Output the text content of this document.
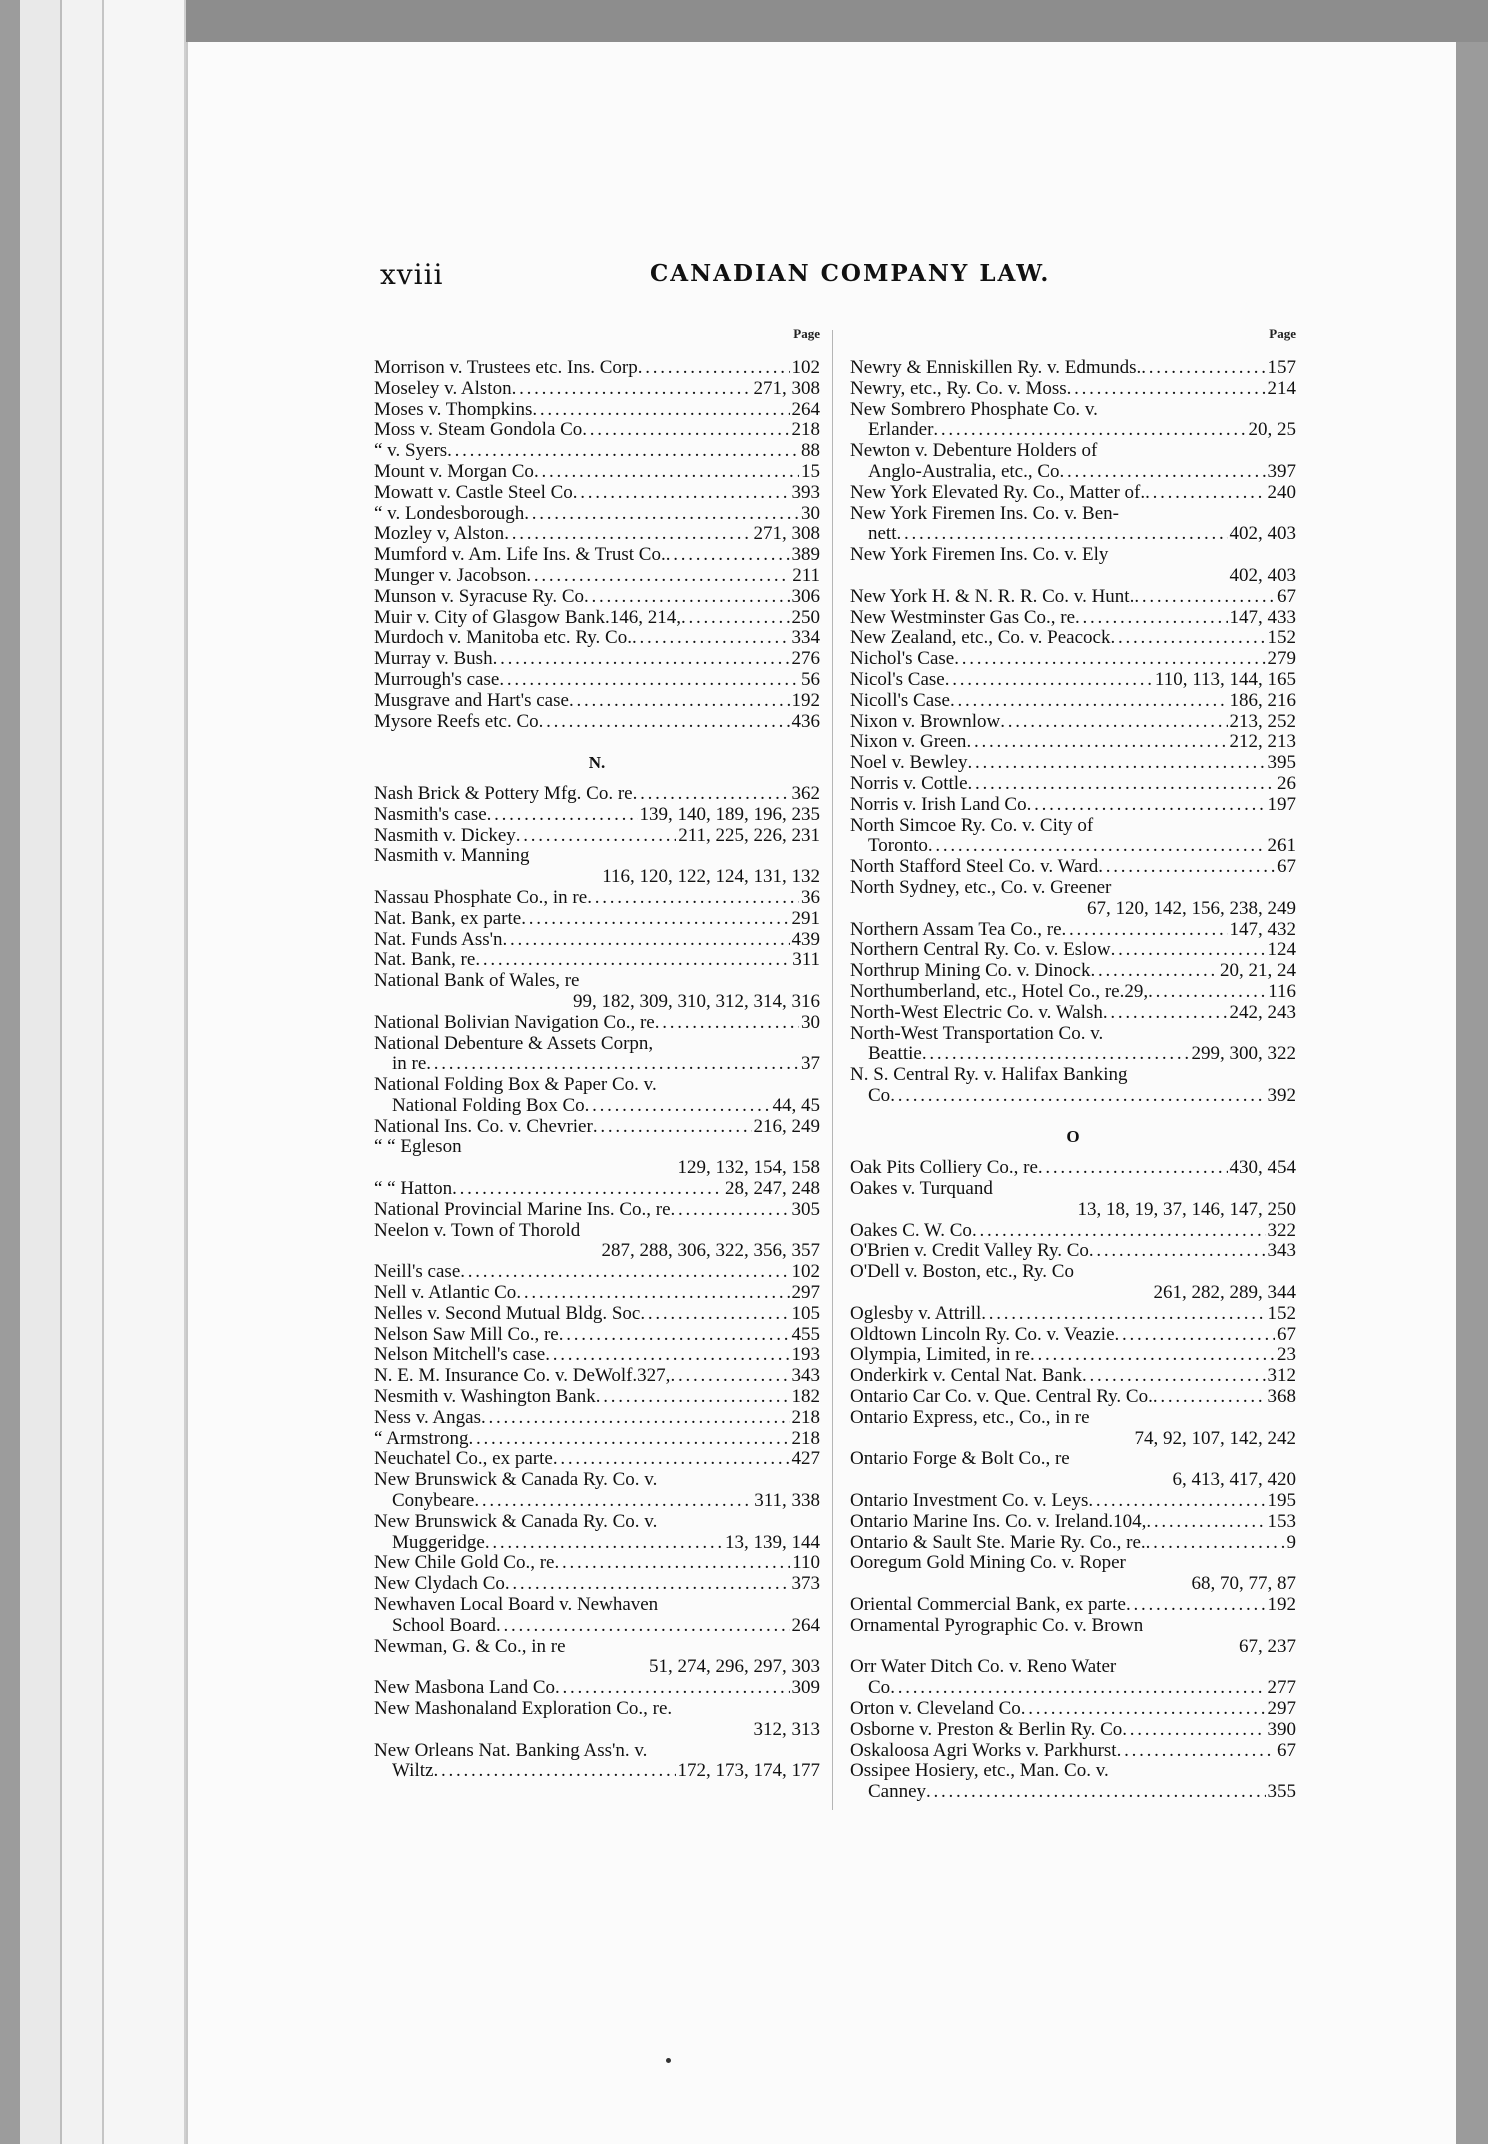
xviii	CANADIAN COMPANY LAW.
Page
Morrison v. Trustees etc. Ins. Corp . . .	102
Moseley v. Alston . . .	271, 308
Moses v. Thompkins . . .	264
Moss v. Steam Gondola Co . . .	218
“ v. Syers . . .	88
Mount v. Morgan Co . . .	15
Mowatt v. Castle Steel Co . . .	393
“ v. Londesborough . . .	30
Mozley v, Alston . . .	271, 308
Mumford v. Am. Life Ins. & Trust Co. . . .	389
Munger v. Jacobson . . .	211
Munson v. Syracuse Ry. Co . . .	306
Muir v. City of Glasgow Bank.146, 214, . . .	250
Murdoch v. Manitoba etc. Ry. Co. . . .	334
Murray v. Bush . . .	276
Murrough's case . . .	56
Musgrave and Hart's case . . .	192
Mysore Reefs etc. Co . . .	436
N.
Nash Brick & Pottery Mfg. Co. re . . .	362
Nasmith's case . . .	139, 140, 189, 196, 235
Nasmith v. Dickey . . .	211, 225, 226, 231
Nasmith v. Manning
116, 120, 122, 124, 131, 132
Nassau Phosphate Co., in re . . .	36
Nat. Bank, ex parte . . .	291
Nat. Funds Ass'n . . .	439
Nat. Bank, re . . .	311
National Bank of Wales, re
99, 182, 309, 310, 312, 314, 316
National Bolivian Navigation Co., re . . .	30
National Debenture & Assets Corpn,
in re . . .	37
National Folding Box & Paper Co. v.
National Folding Box Co . . .	44, 45
National Ins. Co. v. Chevrier . . .	216, 249
“ “ Egleson
129, 132, 154, 158
“ “ Hatton . . .	28, 247, 248
National Provincial Marine Ins. Co., re . . .	305
Neelon v. Town of Thorold
287, 288, 306, 322, 356, 357
Neill's case . . .	102
Nell v. Atlantic Co . . .	297
Nelles v. Second Mutual Bldg. Soc . . .	105
Nelson Saw Mill Co., re . . .	455
Nelson Mitchell's case . . .	193
N. E. M. Insurance Co. v. DeWolf.327, . . .	343
Nesmith v. Washington Bank . . .	182
Ness v. Angas . . .	218
“ Armstrong . . .	218
Neuchatel Co., ex parte . . .	427
New Brunswick & Canada Ry. Co. v.
Conybeare . . .	311, 338
New Brunswick & Canada Ry. Co. v.
Muggeridge . . .	13, 139, 144
New Chile Gold Co., re . . .	110
New Clydach Co . . .	373
Newhaven Local Board v. Newhaven
School Board . . .	264
Newman, G. & Co., in re
51, 274, 296, 297, 303
New Masbona Land Co . . .	309
New Mashonaland Exploration Co., re.
312, 313
New Orleans Nat. Banking Ass'n. v.
Wiltz . . .	172, 173, 174, 177
Page
Newry & Enniskillen Ry. v. Edmunds. . . .	157
Newry, etc., Ry. Co. v. Moss . . .	214
New Sombrero Phosphate Co. v.
Erlander . . .	20, 25
Newton v. Debenture Holders of
Anglo-Australia, etc., Co . . .	397
New York Elevated Ry. Co., Matter of. . . .	240
New York Firemen Ins. Co. v. Ben-
nett . . .	402, 403
New York Firemen Ins. Co. v. Ely
402, 403
New York H. & N. R. R. Co. v. Hunt. . . .	67
New Westminster Gas Co., re . . .	147, 433
New Zealand, etc., Co. v. Peacock . . .	152
Nichol's Case . . .	279
Nicol's Case . . .	110, 113, 144, 165
Nicoll's Case . . .	186, 216
Nixon v. Brownlow . . .	213, 252
Nixon v. Green . . .	212, 213
Noel v. Bewley . . .	395
Norris v. Cottle . . .	26
Norris v. Irish Land Co . . .	197
North Simcoe Ry. Co. v. City of
Toronto . . .	261
North Stafford Steel Co. v. Ward . . .	67
North Sydney, etc., Co. v. Greener
67, 120, 142, 156, 238, 249
Northern Assam Tea Co., re . . .	147, 432
Northern Central Ry. Co. v. Eslow . . .	124
Northrup Mining Co. v. Dinock . . .	20, 21, 24
Northumberland, etc., Hotel Co., re.29, . . .	116
North-West Electric Co. v. Walsh . . .	242, 243
North-West Transportation Co. v.
Beattie . . .	299, 300, 322
N. S. Central Ry. v. Halifax Banking
Co . . .	392
O
Oak Pits Colliery Co., re . . .	430, 454
Oakes v. Turquand
13, 18, 19, 37, 146, 147, 250
Oakes C. W. Co . . .	322
O'Brien v. Credit Valley Ry. Co . . .	343
O'Dell v. Boston, etc., Ry. Co
261, 282, 289, 344
Oglesby v. Attrill . . .	152
Oldtown Lincoln Ry. Co. v. Veazie . . .	67
Olympia, Limited, in re . . .	23
Onderkirk v. Cental Nat. Bank . . .	312
Ontario Car Co. v. Que. Central Ry. Co. . . .	368
Ontario Express, etc., Co., in re
74, 92, 107, 142, 242
Ontario Forge & Bolt Co., re
6, 413, 417, 420
Ontario Investment Co. v. Leys . . .	195
Ontario Marine Ins. Co. v. Ireland.104, . . .	153
Ontario & Sault Ste. Marie Ry. Co., re. . . .	9
Ooregum Gold Mining Co. v. Roper
68, 70, 77, 87
Oriental Commercial Bank, ex parte . . .	192
Ornamental Pyrographic Co. v. Brown
67, 237
Orr Water Ditch Co. v. Reno Water
Co . . .	277
Orton v. Cleveland Co . . .	297
Osborne v. Preston & Berlin Ry. Co . . .	390
Oskaloosa Agri Works v. Parkhurst . . .	67
Ossipee Hosiery, etc., Man. Co. v.
Canney . . .	355
